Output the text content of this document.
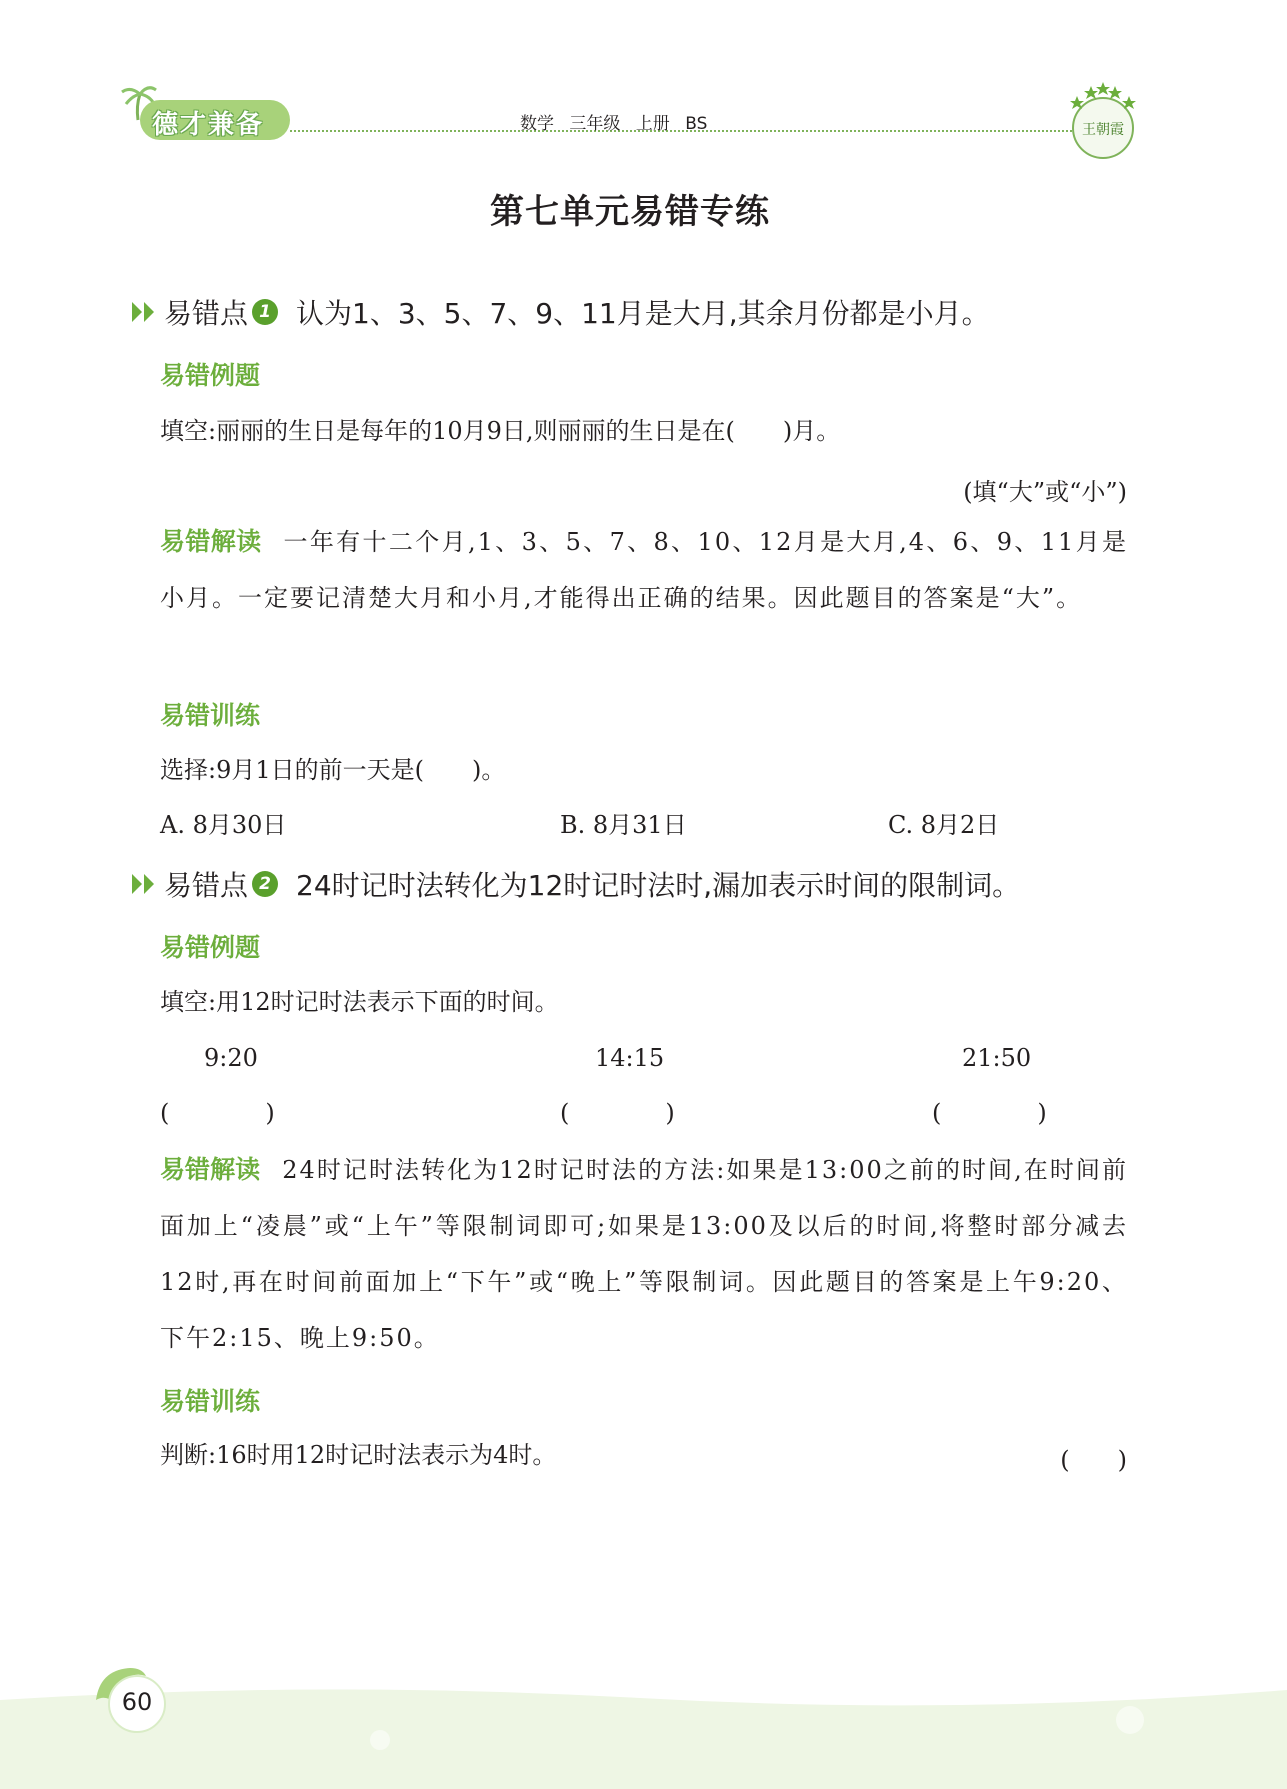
德才兼备	数学 三年级 上册 BS	王朝霞
第七单元易错专练
易错点 1 认为1、3、5、7、9、11月是大月,其余月份都是小月。
易错例题
填空:丽丽的生日是每年的10月9日,则丽丽的生日是在(　　)月。
(填“大”或“小”)
易错解读 一年有十二个月,1、3、5、7、8、10、12月是大月,4、6、9、11月是小月。一定要记清楚大月和小月,才能得出正确的结果。因此题目的答案是“大”。
易错训练
选择:9月1日的前一天是(　　)。
A. 8月30日	B. 8月31日	C. 8月2日
易错点 2 24时记时法转化为12时记时法时,漏加表示时间的限制词。
易错例题
填空:用12时记时法表示下面的时间。
9:20	14:15	21:50
(　　　　)	(　　　　)	(　　　　)
易错解读 24时记时法转化为12时记时法的方法:如果是13:00之前的时间,在时间前面加上“凌晨”或“上午”等限制词即可;如果是13:00及以后的时间,将整时部分减去12时,再在时间前面加上“下午”或“晚上”等限制词。因此题目的答案是上午9:20、下午2:15、晚上9:50。
易错训练
判断:16时用12时记时法表示为4时。	(　　)
60
